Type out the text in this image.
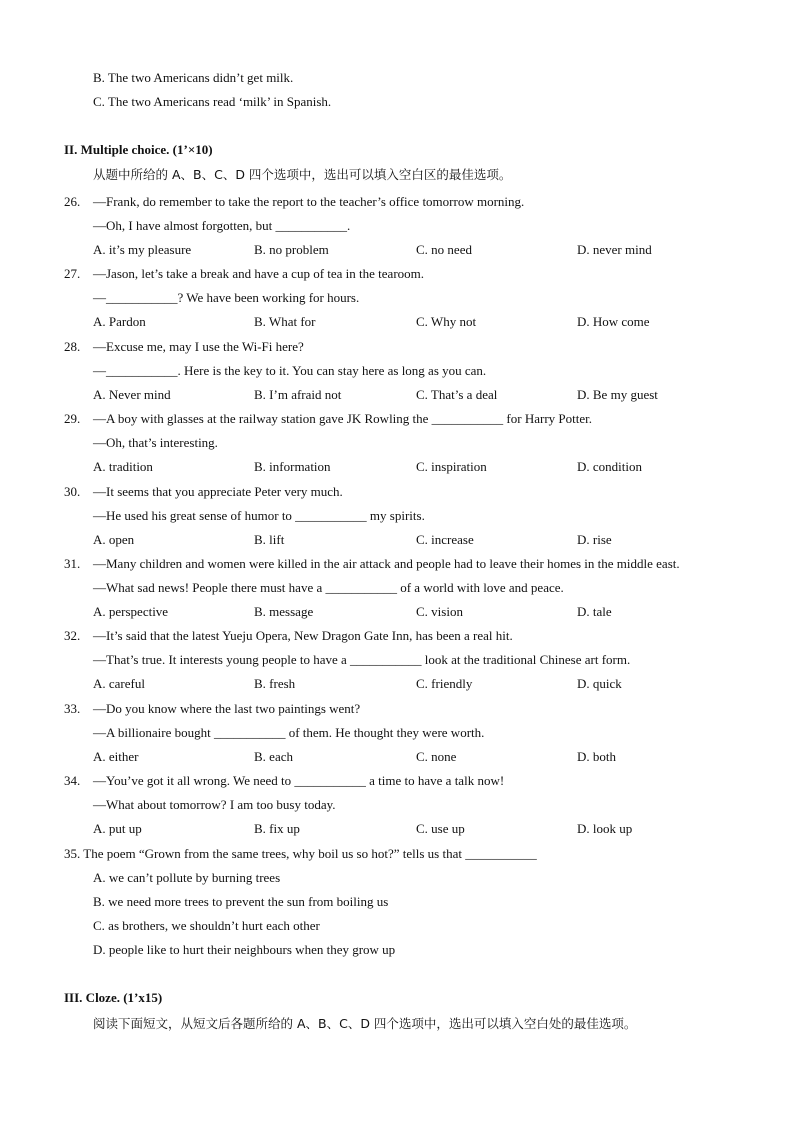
B. The two Americans didn’t get milk.
C. The two Americans read ‘milk’ in Spanish.
II. Multiple choice. (1’×10)
从题中所给的 A、B、C、D 四个选项中，选出可以填入空白区的最佳选项。
26. —Frank, do remember to take the report to the teacher’s office tomorrow morning.
—Oh, I have almost forgotten, but ___________.
A. it’s my pleasure	B. no problem	C. no need	D. never mind
27. —Jason, let’s take a break and have a cup of tea in the tearoom.
—___________? We have been working for hours.
A. Pardon	B. What for	C. Why not	D. How come
28. —Excuse me, may I use the Wi-Fi here?
—___________. Here is the key to it. You can stay here as long as you can.
A. Never mind	B. I’m afraid not	C. That’s a deal	D. Be my guest
29. —A boy with glasses at the railway station gave JK Rowling the ___________ for Harry Potter.
—Oh, that’s interesting.
A. tradition	B. information	C. inspiration	D. condition
30. —It seems that you appreciate Peter very much.
—He used his great sense of humor to ___________ my spirits.
A. open	B. lift	C. increase	D. rise
31. —Many children and women were killed in the air attack and people had to leave their homes in the middle east.
—What sad news! People there must have a ___________ of a world with love and peace.
A. perspective	B. message	C. vision	D. tale
32. —It’s said that the latest Yueju Opera, New Dragon Gate Inn, has been a real hit.
—That’s true. It interests young people to have a ___________ look at the traditional Chinese art form.
A. careful	B. fresh	C. friendly	D. quick
33. —Do you know where the last two paintings went?
—A billionaire bought ___________ of them. He thought they were worth.
A. either	B. each	C. none	D. both
34. —You’ve got it all wrong. We need to ___________ a time to have a talk now!
—What about tomorrow? I am too busy today.
A. put up	B. fix up	C. use up	D. look up
35. The poem “Grown from the same trees, why boil us so hot?” tells us that ___________
A. we can’t pollute by burning trees
B. we need more trees to prevent the sun from boiling us
C. as brothers, we shouldn’t hurt each other
D. people like to hurt their neighbours when they grow up
III. Cloze. (1’x15)
阅读下面短文，从短文后各题所给的 A、B、C、D 四个选项中，选出可以填入空白处的最佳选项。
